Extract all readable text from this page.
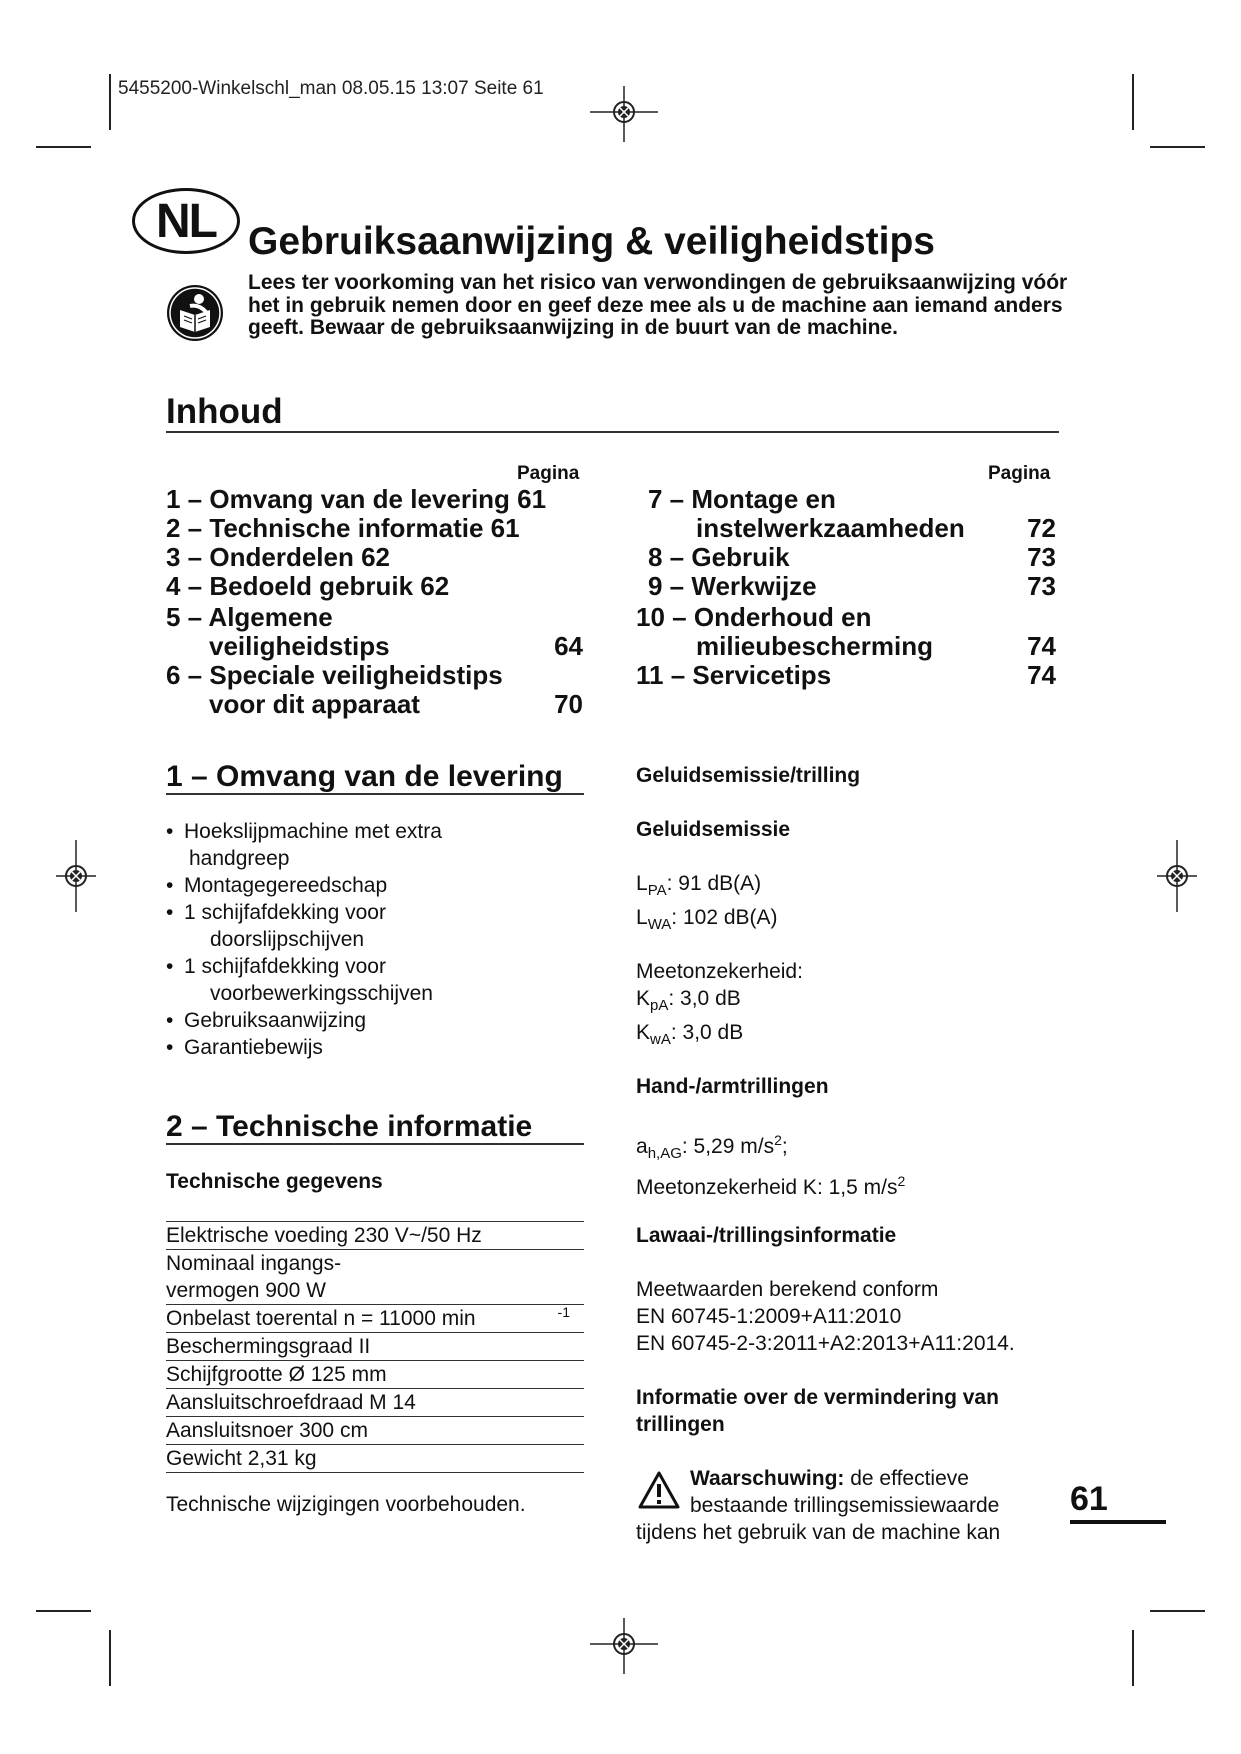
5455200-Winkelschl_man 08.05.15 13:07 Seite 61
NL Gebruiksaanwijzing & veiligheidstips
Lees ter voorkoming van het risico van verwondingen de gebruiksaanwijzing vóór het in gebruik nemen door en geef deze mee als u de machine aan iemand anders geeft. Bewaar de gebruiksaanwijzing in de buurt van de machine.
Inhoud
Pagina	Pagina
1 – Omvang van de levering 61
2 – Technische informatie 61
3 – Onderdelen 62
4 – Bedoeld gebruik 62
5 – Algemene
veiligheidstips	64
6 – Speciale veiligheidstips
voor dit apparaat	70
7 – Montage en
instelwerkzaamheden	72
8 – Gebruik	73
9 – Werkwijze	73
10 – Onderhoud en
milieubescherming	74
11 – Servicetips	74
1 – Omvang van de levering
• Hoekslijpmachine met extra
handgreep
• Montagegereedschap
• 1 schijfafdekking voor
doorslijpschijven
• 1 schijfafdekking voor
voorbewerkingsschijven
• Gebruiksaanwijzing
• Garantiebewijs
2 – Technische informatie
Technische gegevens
Elektrische voeding 230 V~/50 Hz
Nominaal ingangs-
vermogen 900 W
Onbelast toerental n = 11000 min	-1
Beschermingsgraad II
Schijfgrootte Ø 125 mm
Aansluitschroefdraad M 14
Aansluitsnoer 300 cm
Gewicht 2,31 kg
Technische wijzigingen voorbehouden.
Geluidsemissie/trilling
Geluidsemissie
$L_{PA}$: 91 dB(A)
$L_{WA}$: 102 dB(A)
Meetonzekerheid:
$K_{pA}$: 3,0 dB
$K_{wA}$: 3,0 dB
Hand-/armtrillingen
$a_{h,AG}$: 5,29 $m/s^2$;
Meetonzekerheid K: 1,5 $m/s^2$
Lawaai-/trillingsinformatie
Meetwaarden berekend conform
EN 60745-1:2009+A11:2010
EN 60745-2-3:2011+A2:2013+A11:2014.
Informatie over de vermindering van
trillingen
Waarschuwing: de effectieve
bestaande trillingsemissiewaarde
tijdens het gebruik van de machine kan
61
